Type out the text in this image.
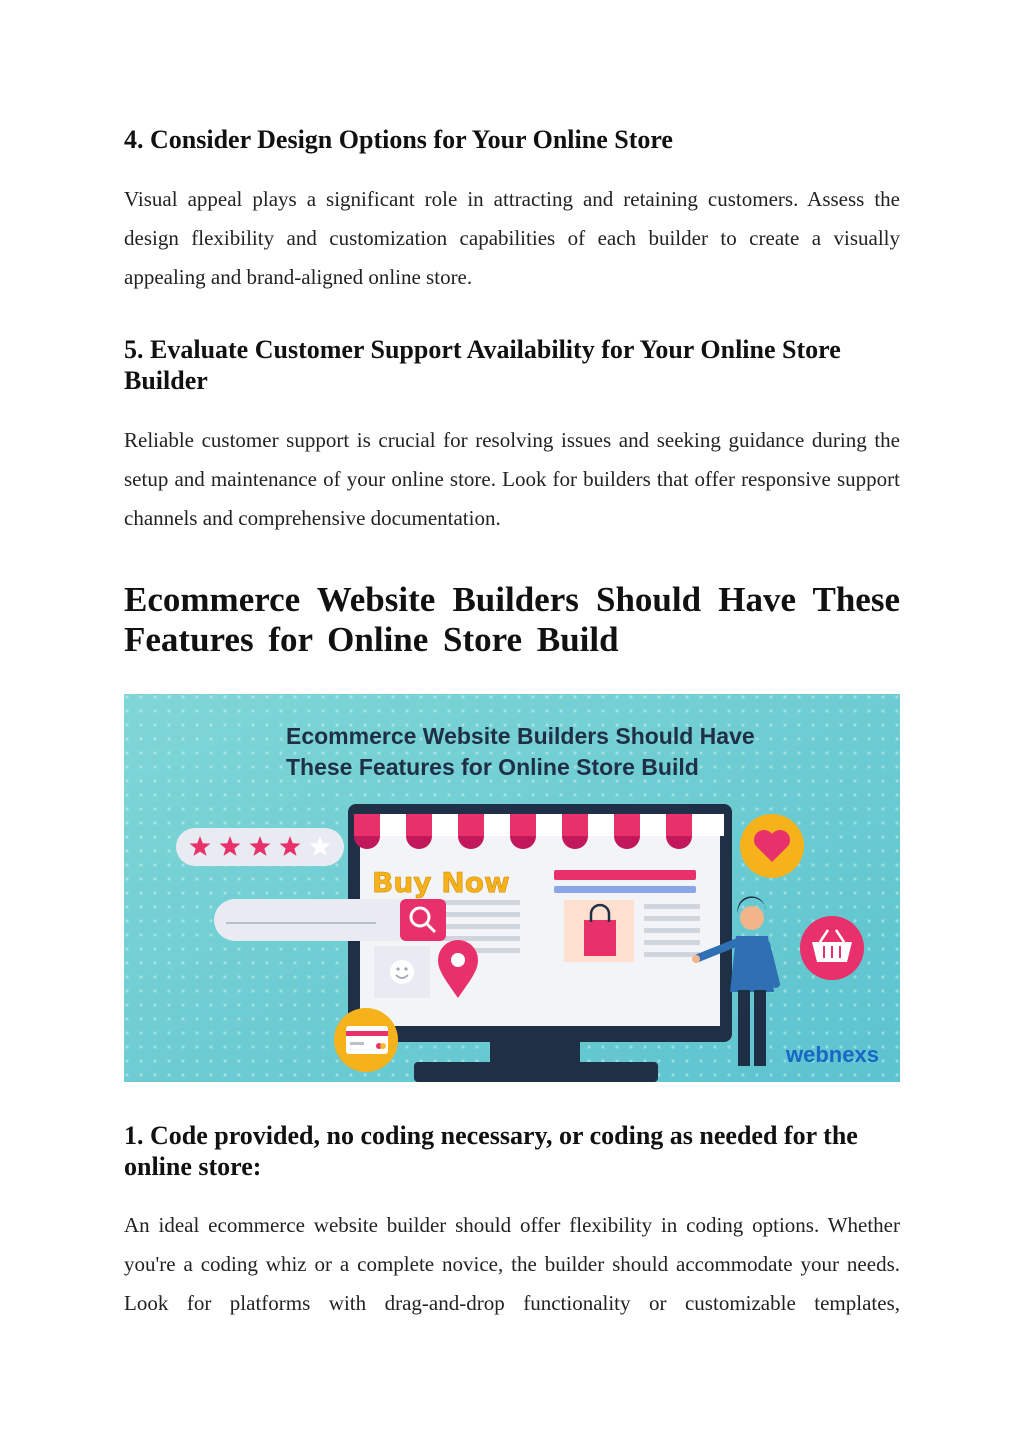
4. Consider Design Options for Your Online Store

Visual appeal plays a significant role in attracting and retaining customers. Assess the design flexibility and customization capabilities of each builder to create a visually appealing and brand-aligned online store.

5. Evaluate Customer Support Availability for Your Online Store
Builder

Reliable customer support is crucial for resolving issues and seeking guidance during the setup and maintenance of your online store. Look for builders that offer responsive support channels and comprehensive documentation.

Ecommerce Website Builders Should Have These Features for Online Store Build
Ecommerce Website Builders Should Have
These Features for Online Store Build
Buy Now
webnexs
1. Code provided, no coding necessary, or coding as needed for the
online store:

An ideal ecommerce website builder should offer flexibility in coding options. Whether you're a coding whiz or a complete novice, the builder should accommodate your needs. Look for platforms with drag-and-drop functionality or customizable templates,
